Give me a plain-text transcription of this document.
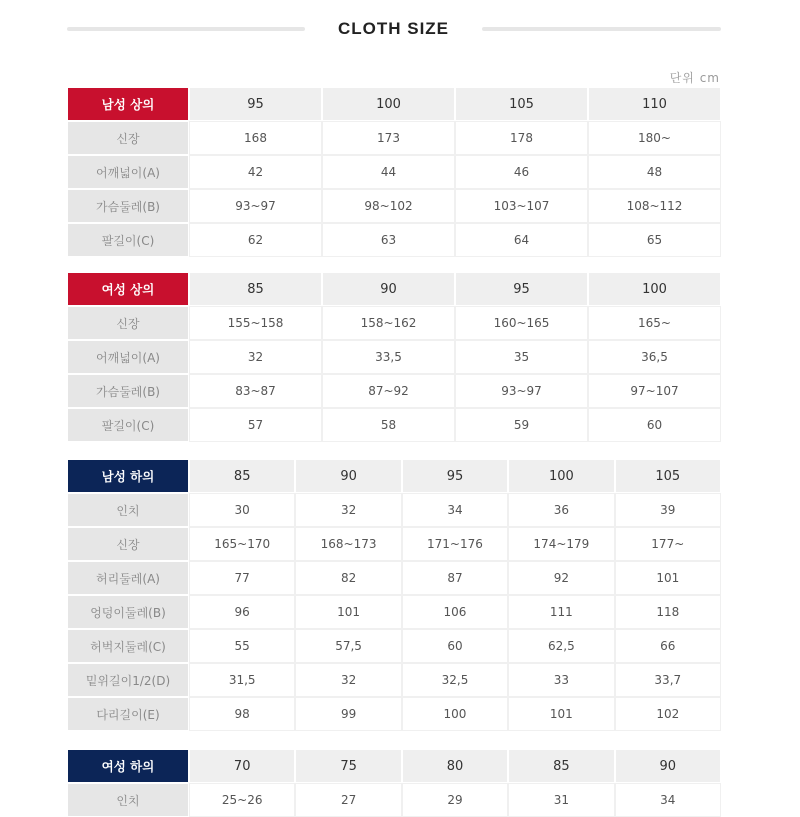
CLOTH SIZE
단위 cm
남성 상의	95	100	105	110
신장	168	173	178	180~
어깨넓이(A)	42	44	46	48
가슴둘레(B)	93~97	98~102	103~107	108~112
팔길이(C)	62	63	64	65
여성 상의	85	90	95	100
신장	155~158	158~162	160~165	165~
어깨넓이(A)	32	33,5	35	36,5
가슴둘레(B)	83~87	87~92	93~97	97~107
팔길이(C)	57	58	59	60
남성 하의	85	90	95	100	105
인치	30	32	34	36	39
신장	165~170	168~173	171~176	174~179	177~
허리둘레(A)	77	82	87	92	101
엉덩이둘레(B)	96	101	106	111	118
허벅지둘레(C)	55	57,5	60	62,5	66
밑위길이1/2(D)	31,5	32	32,5	33	33,7
다리길이(E)	98	99	100	101	102
여성 하의	70	75	80	85	90
인치	25~26	27	29	31	34
